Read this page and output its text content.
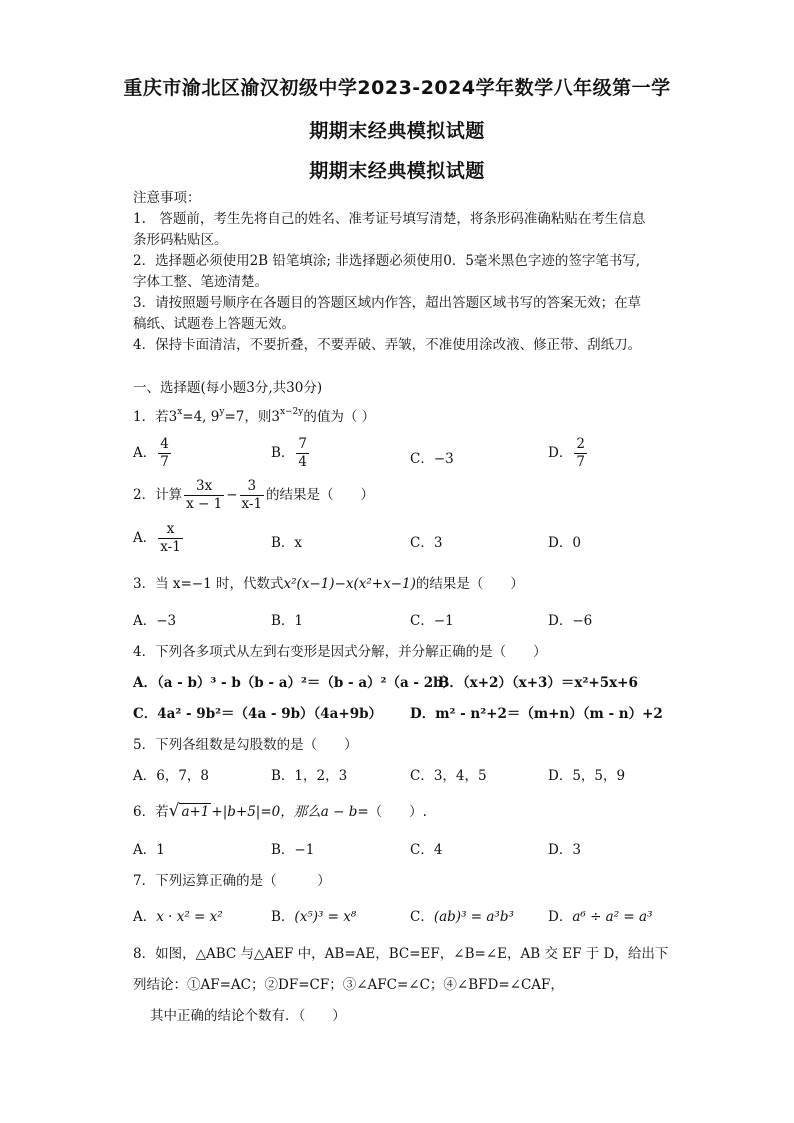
重庆市渝北区渝汉初级中学2023-2024学年数学八年级第一学
期期末经典模拟试题
期期末经典模拟试题
注意事项：
1.　答题前，考生先将自己的姓名、准考证号填写清楚，将条形码准确粘贴在考生信息
条形码粘贴区。
2．选择题必须使用2B 铅笔填涂; 非选择题必须使用0．5毫米黑色字迹的签字笔书写,
字体工整、笔迹清楚。
3．请按照题号顺序在各题目的答题区域内作答，超出答题区域书写的答案无效；在草
稿纸、试题卷上答题无效。
4．保持卡面清洁，不要折叠，不要弄破、弄皱，不准使用涂改液、修正带、刮纸刀。
一、选择题(每小题3分,共30分)
1．若$3^x=4$, $9^y=7$，则$3^{x-2y}$的值为（ ）
A． $\frac{4}{7}$	B． $\frac{7}{4}$	C．−3	D． $\frac{2}{7}$
2．计算 $\frac{3x}{x - 1} - \frac{3}{x-1}$ 的结果是（　　）
A． $\frac{x}{x-1}$	B．x	C．3	D．0
3．当 x=−1 时，代数式x²(x−1)−x(x²+x−1)的结果是（　　）
A．−3	B．1	C．−1	D．−6
4．下列各多项式从左到右变形是因式分解，并分解正确的是（　　）
A．（a - b）³ - b（b - a）²＝（b - a）²（a - 2b）
B．（x+2）（x+3）＝x²+5x+6
C．4a² - 9b²＝（4a - 9b）（4a+9b） D．m² - n²+2＝（m+n）（m - n）+2
5．下列各组数是勾股数的是（　　）
A．6，7，8	B．1，2，3	C．3，4，5	D．5，5，9
6．若√ a+1 +|b+5|=0，那么a − b=（　　）.
A．1	B．−1	C．4	D．3
7．下列运算正确的是（　　　）
A．x · x² = x²	B．(x⁵)³ = x⁸	C．(ab)³ = a³b³	D．a⁶ ÷ a² = a³
8．如图，△ABC 与△AEF 中，AB=AE，BC=EF，∠B=∠E，AB 交 EF 于 D，给出下
列结论：①AF=AC；②DF=CF；③∠AFC=∠C；④∠BFD=∠CAF，
其中正确的结论个数有．（　　）
